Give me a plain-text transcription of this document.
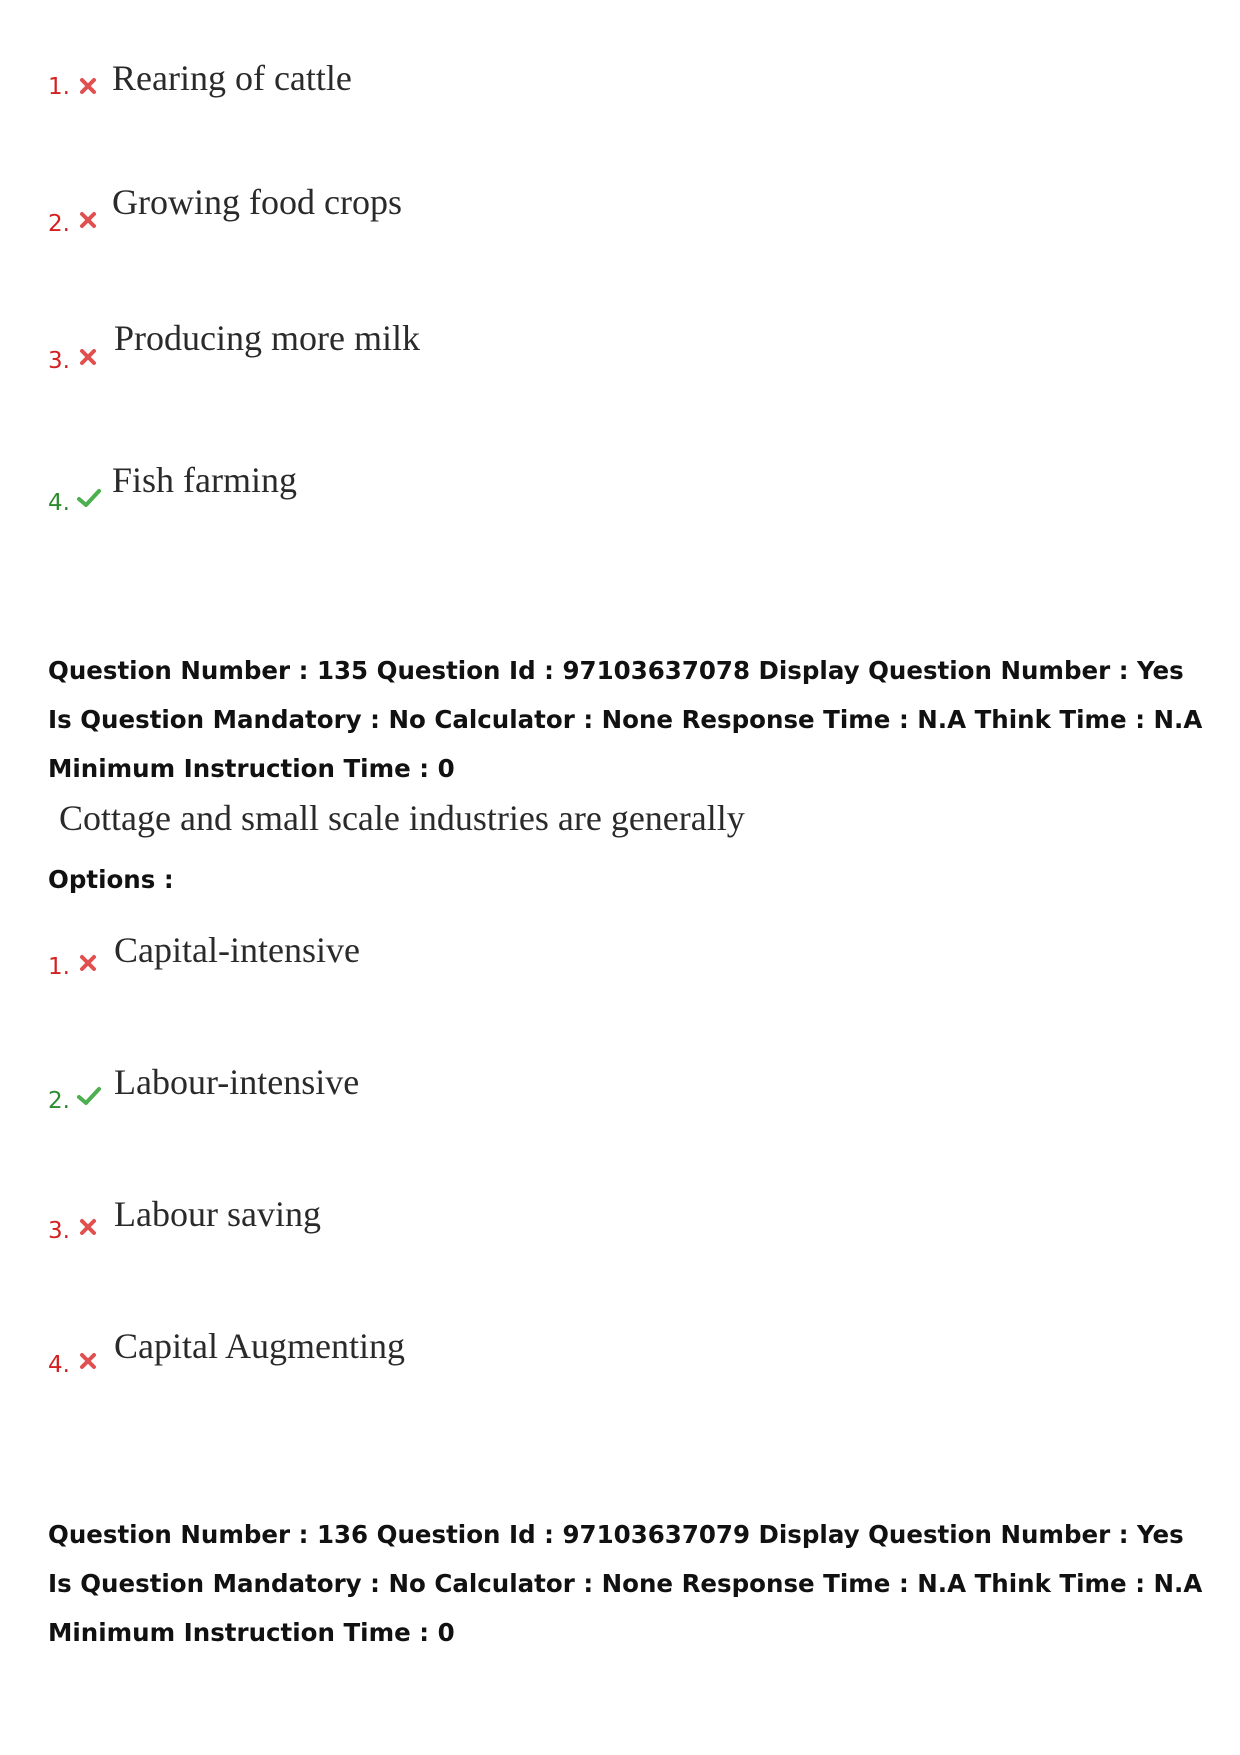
1. Rearing of cattle
2.
Growing food crops
3.
Producing more milk
4.
Fish farming

Question Number : 135 Question Id : 97103637078 Display Question Number : Yes Is Question Mandatory : No Calculator : None Response Time : N.A Think Time : N.A Minimum Instruction Time : 0

Cottage and small scale industries are generally
Options :
1. Capital-intensive
2. Labour-intensive
3. Labour saving
4. Capital Augmenting

Question Number : 136 Question Id : 97103637079 Display Question Number : Yes Is Question Mandatory : No Calculator : None Response Time : N.A Think Time : N.A Minimum Instruction Time : 0
